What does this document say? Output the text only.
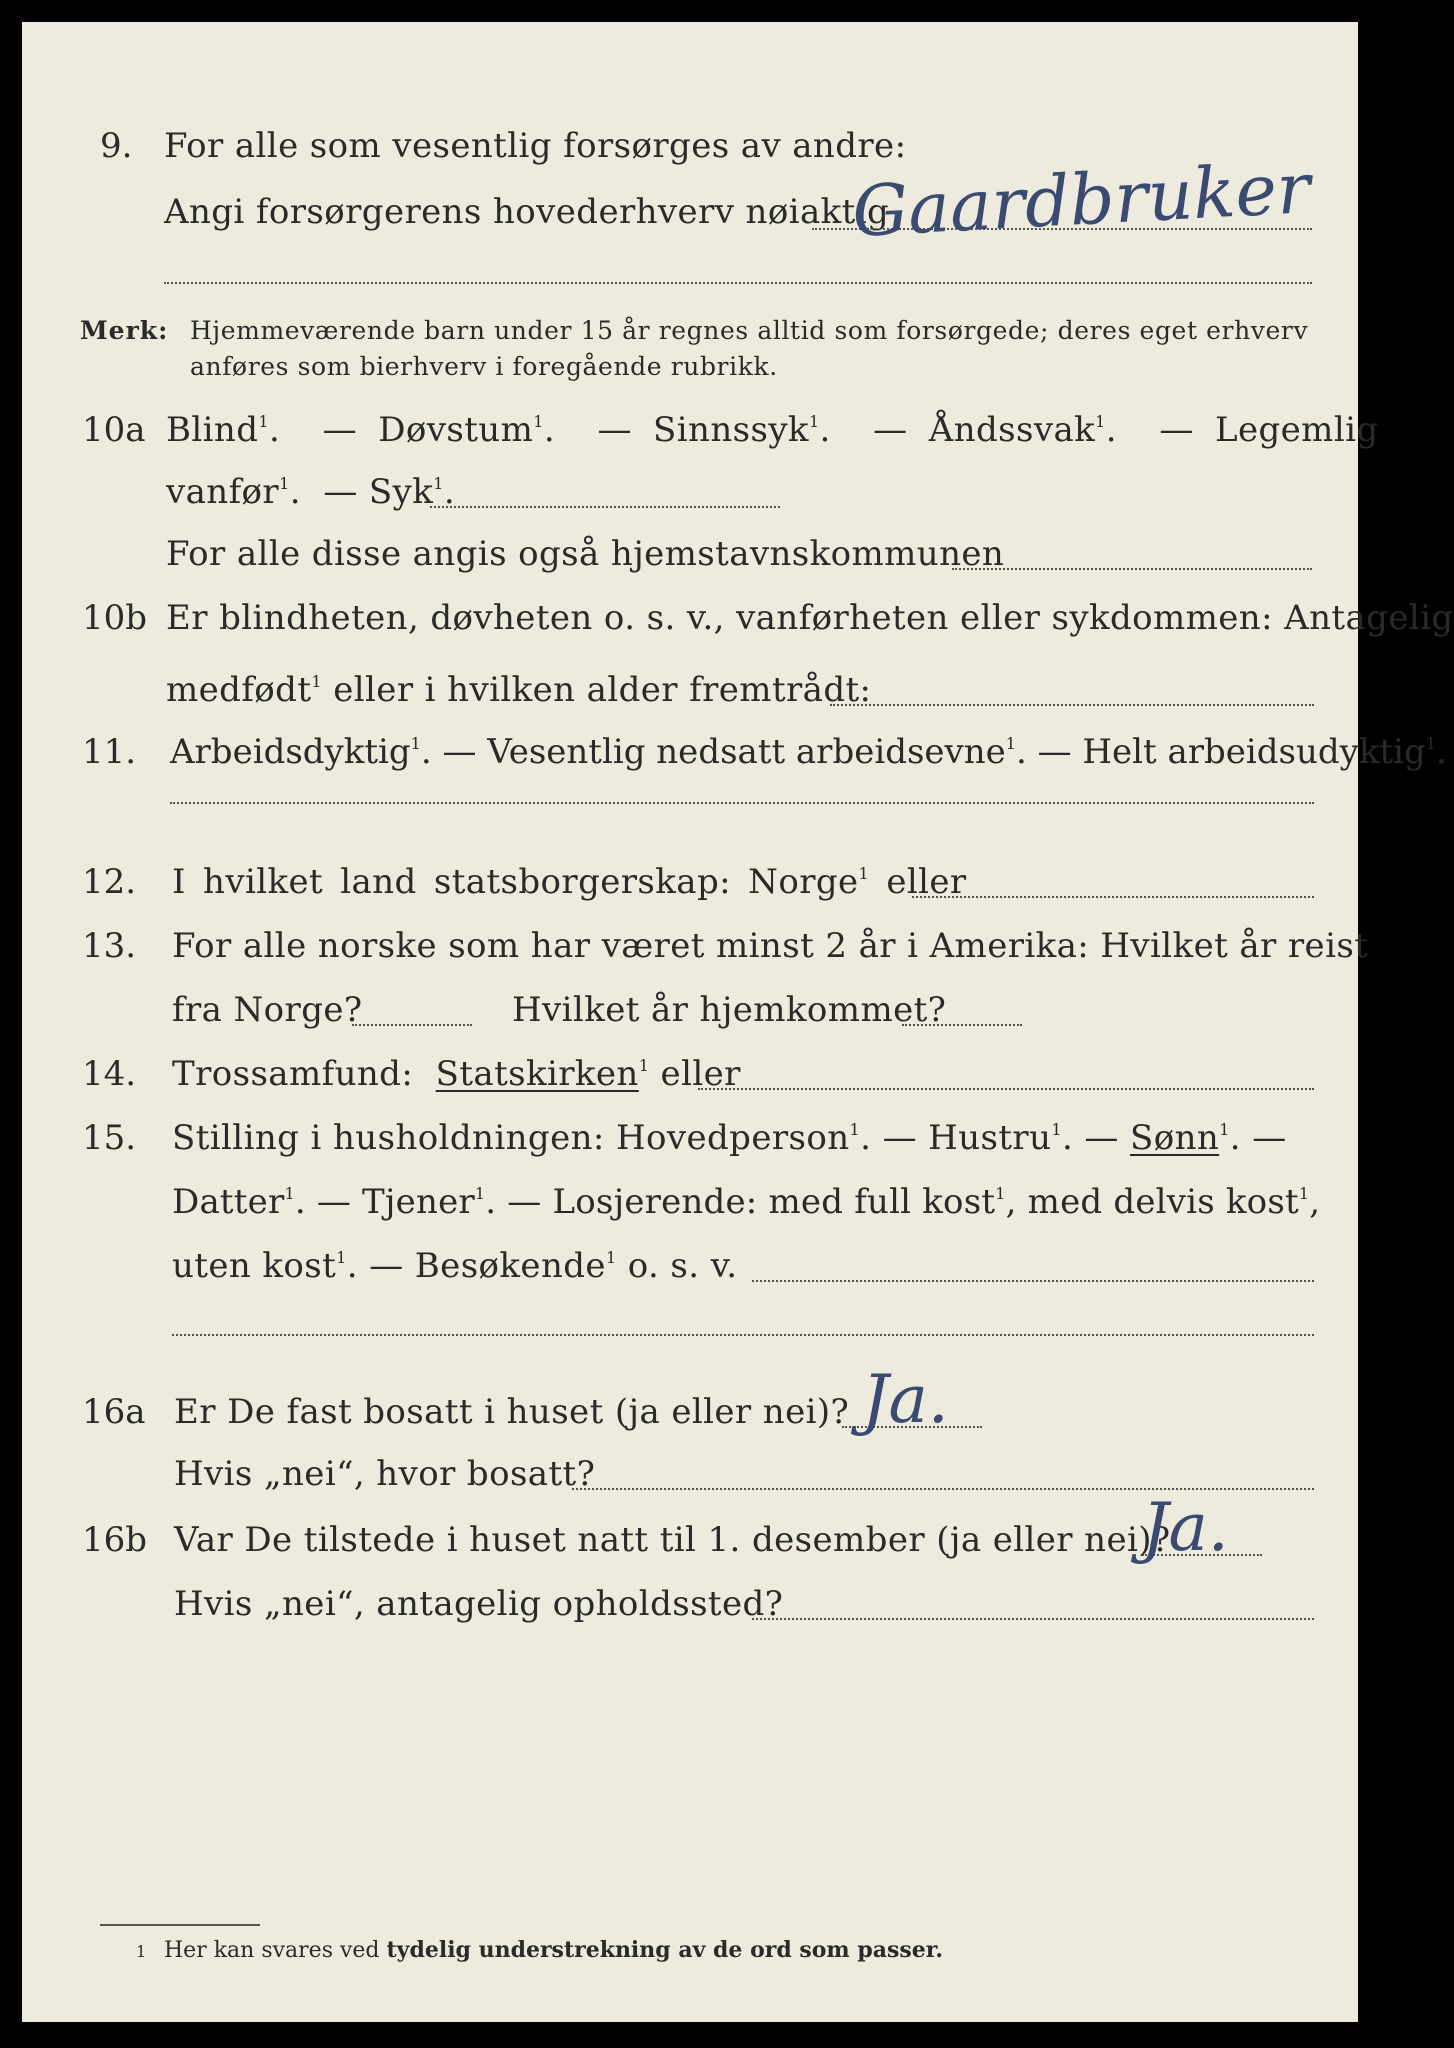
9. For alle som vesentlig forsørges av andre:
Angi forsørgerens hovederhverv nøiaktig
Gaardbruker
Merk: Hjemmeværende barn under 15 år regnes alltid som forsørgede; deres eget erhverv
anføres som bierhverv i foregående rubrikk.
10a Blind$^1$.  — Døvstum$^1$.  — Sinnssyk$^1$.  — Åndssvak$^1$.  — Legemlig
vanfør$^1$.  — Syk$^1$.
For alle disse angis også hjemstavnskommunen
10b Er blindheten, døvheten o. s. v., vanførheten eller sykdommen: Antagelig
medfødt$^1$ eller i hvilken alder fremtrådt:
11. Arbeidsdyktig$^1$. — Vesentlig nedsatt arbeidsevne$^1$. — Helt arbeidsudyktig$^1$.
12. I hvilket land statsborgerskap: Norge$^1$ eller
13. For alle norske som har været minst 2 år i Amerika: Hvilket år reist
fra Norge?	Hvilket år hjemkommet?
14. Trossamfund: Statskirken$^1$ eller
15. Stilling i husholdningen: Hovedperson$^1$. — Hustru$^1$. — Sønn$^1$. —
Datter$^1$. — Tjener$^1$. — Losjerende: med full kost$^1$, med delvis kost$^1$,
uten kost$^1$. — Besøkende$^1$ o. s. v.
16a Er De fast bosatt i huset (ja eller nei)? Ja.
Hvis „nei“, hvor bosatt?
16b Var De tilstede i huset natt til 1. desember (ja eller nei)?
Ja.
Hvis „nei“, antagelig opholdssted?
1 Her kan svares ved tydelig understrekning av de ord som passer.
